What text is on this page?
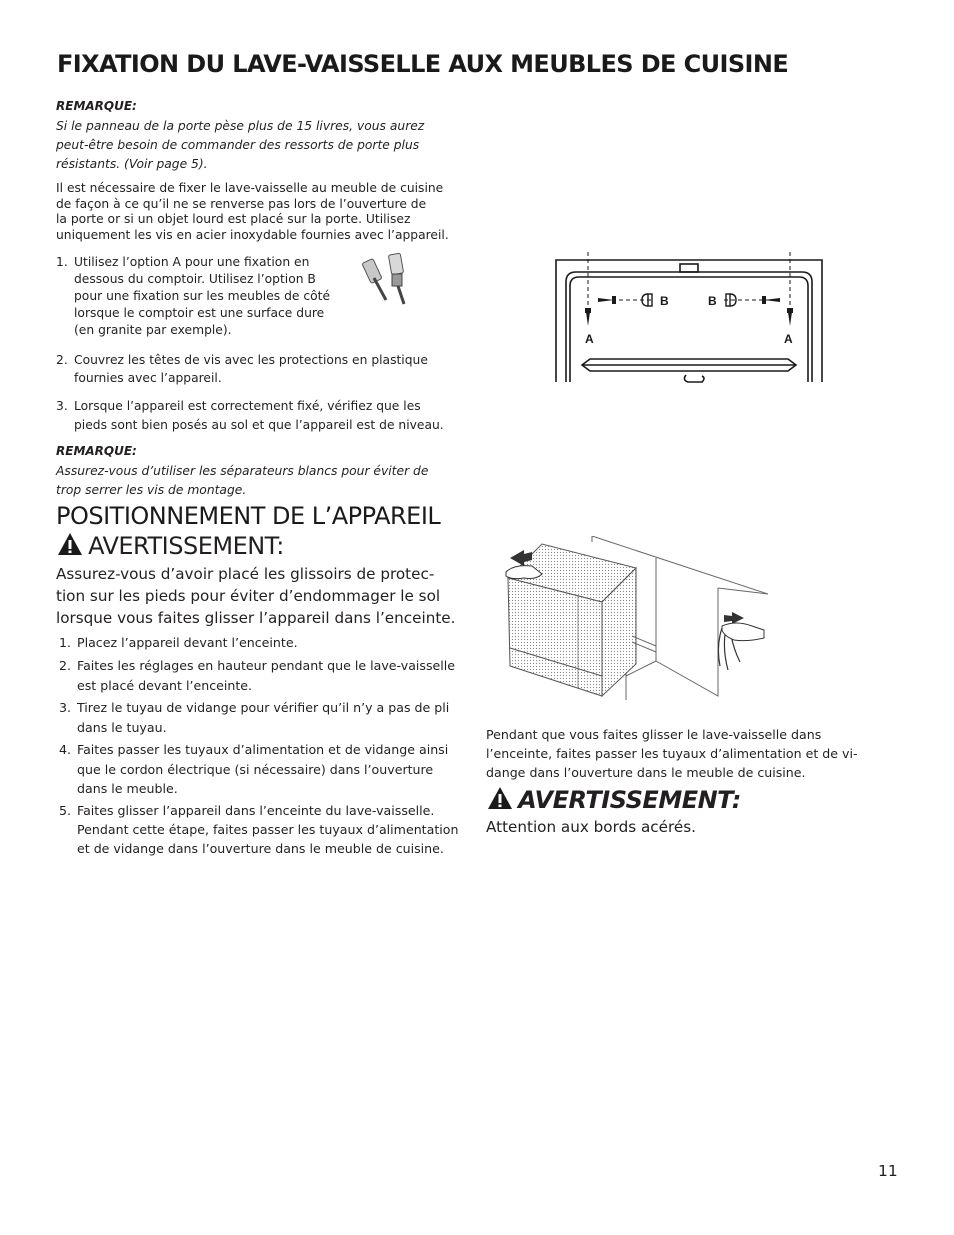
FIXATION DU LAVE-VAISSELLE AUX MEUBLES DE CUISINE
REMARQUE:
Si le panneau de la porte pèse plus de 15 livres, vous aurez
peut-être besoin de commander des ressorts de porte plus
résistants. (Voir page 5).
Il est nécessaire de fixer le lave-vaisselle au meuble de cuisine
de façon à ce qu’il ne se renverse pas lors de l’ouverture de
la porte or si un objet lourd est placé sur la porte. Utilisez
uniquement les vis en acier inoxydable fournies avec l’appareil.
1. Utilisez l’option A pour une fixation en
dessous du comptoir. Utilisez l’option B
pour une fixation sur les meubles de côté
lorsque le comptoir est une surface dure
(en granite par exemple).
2. Couvrez les têtes de vis avec les protections en plastique
fournies avec l’appareil.
3. Lorsque l’appareil est correctement fixé, vérifiez que les
pieds sont bien posés au sol et que l’appareil est de niveau.
REMARQUE:
Assurez-vous d’utiliser les séparateurs blancs pour éviter de
trop serrer les vis de montage.
POSITIONNEMENT DE L’APPAREIL
AVERTISSEMENT:
Assurez-vous d’avoir placé les glissoirs de protec-
tion sur les pieds pour éviter d’endommager le sol
lorsque vous faites glisser l’appareil dans l’enceinte.
1. Placez l’appareil devant l’enceinte.
2. Faites les réglages en hauteur pendant que le lave-vaisselle
est placé devant l’enceinte.
3. Tirez le tuyau de vidange pour vérifier qu’il n’y a pas de pli
dans le tuyau.
4. Faites passer les tuyaux d’alimentation et de vidange ainsi
que le cordon électrique (si nécessaire) dans l’ouverture
dans le meuble.
5. Faites glisser l’appareil dans l’enceinte du lave-vaisselle.
Pendant cette étape, faites passer les tuyaux d’alimentation
et de vidange dans l’ouverture dans le meuble de cuisine.
B	B
A	A
Pendant que vous faites glisser le lave-vaisselle dans
l’enceinte, faites passer les tuyaux d’alimentation et de vi-
dange dans l’ouverture dans le meuble de cuisine.
AVERTISSEMENT:
Attention aux bords acérés.
11
